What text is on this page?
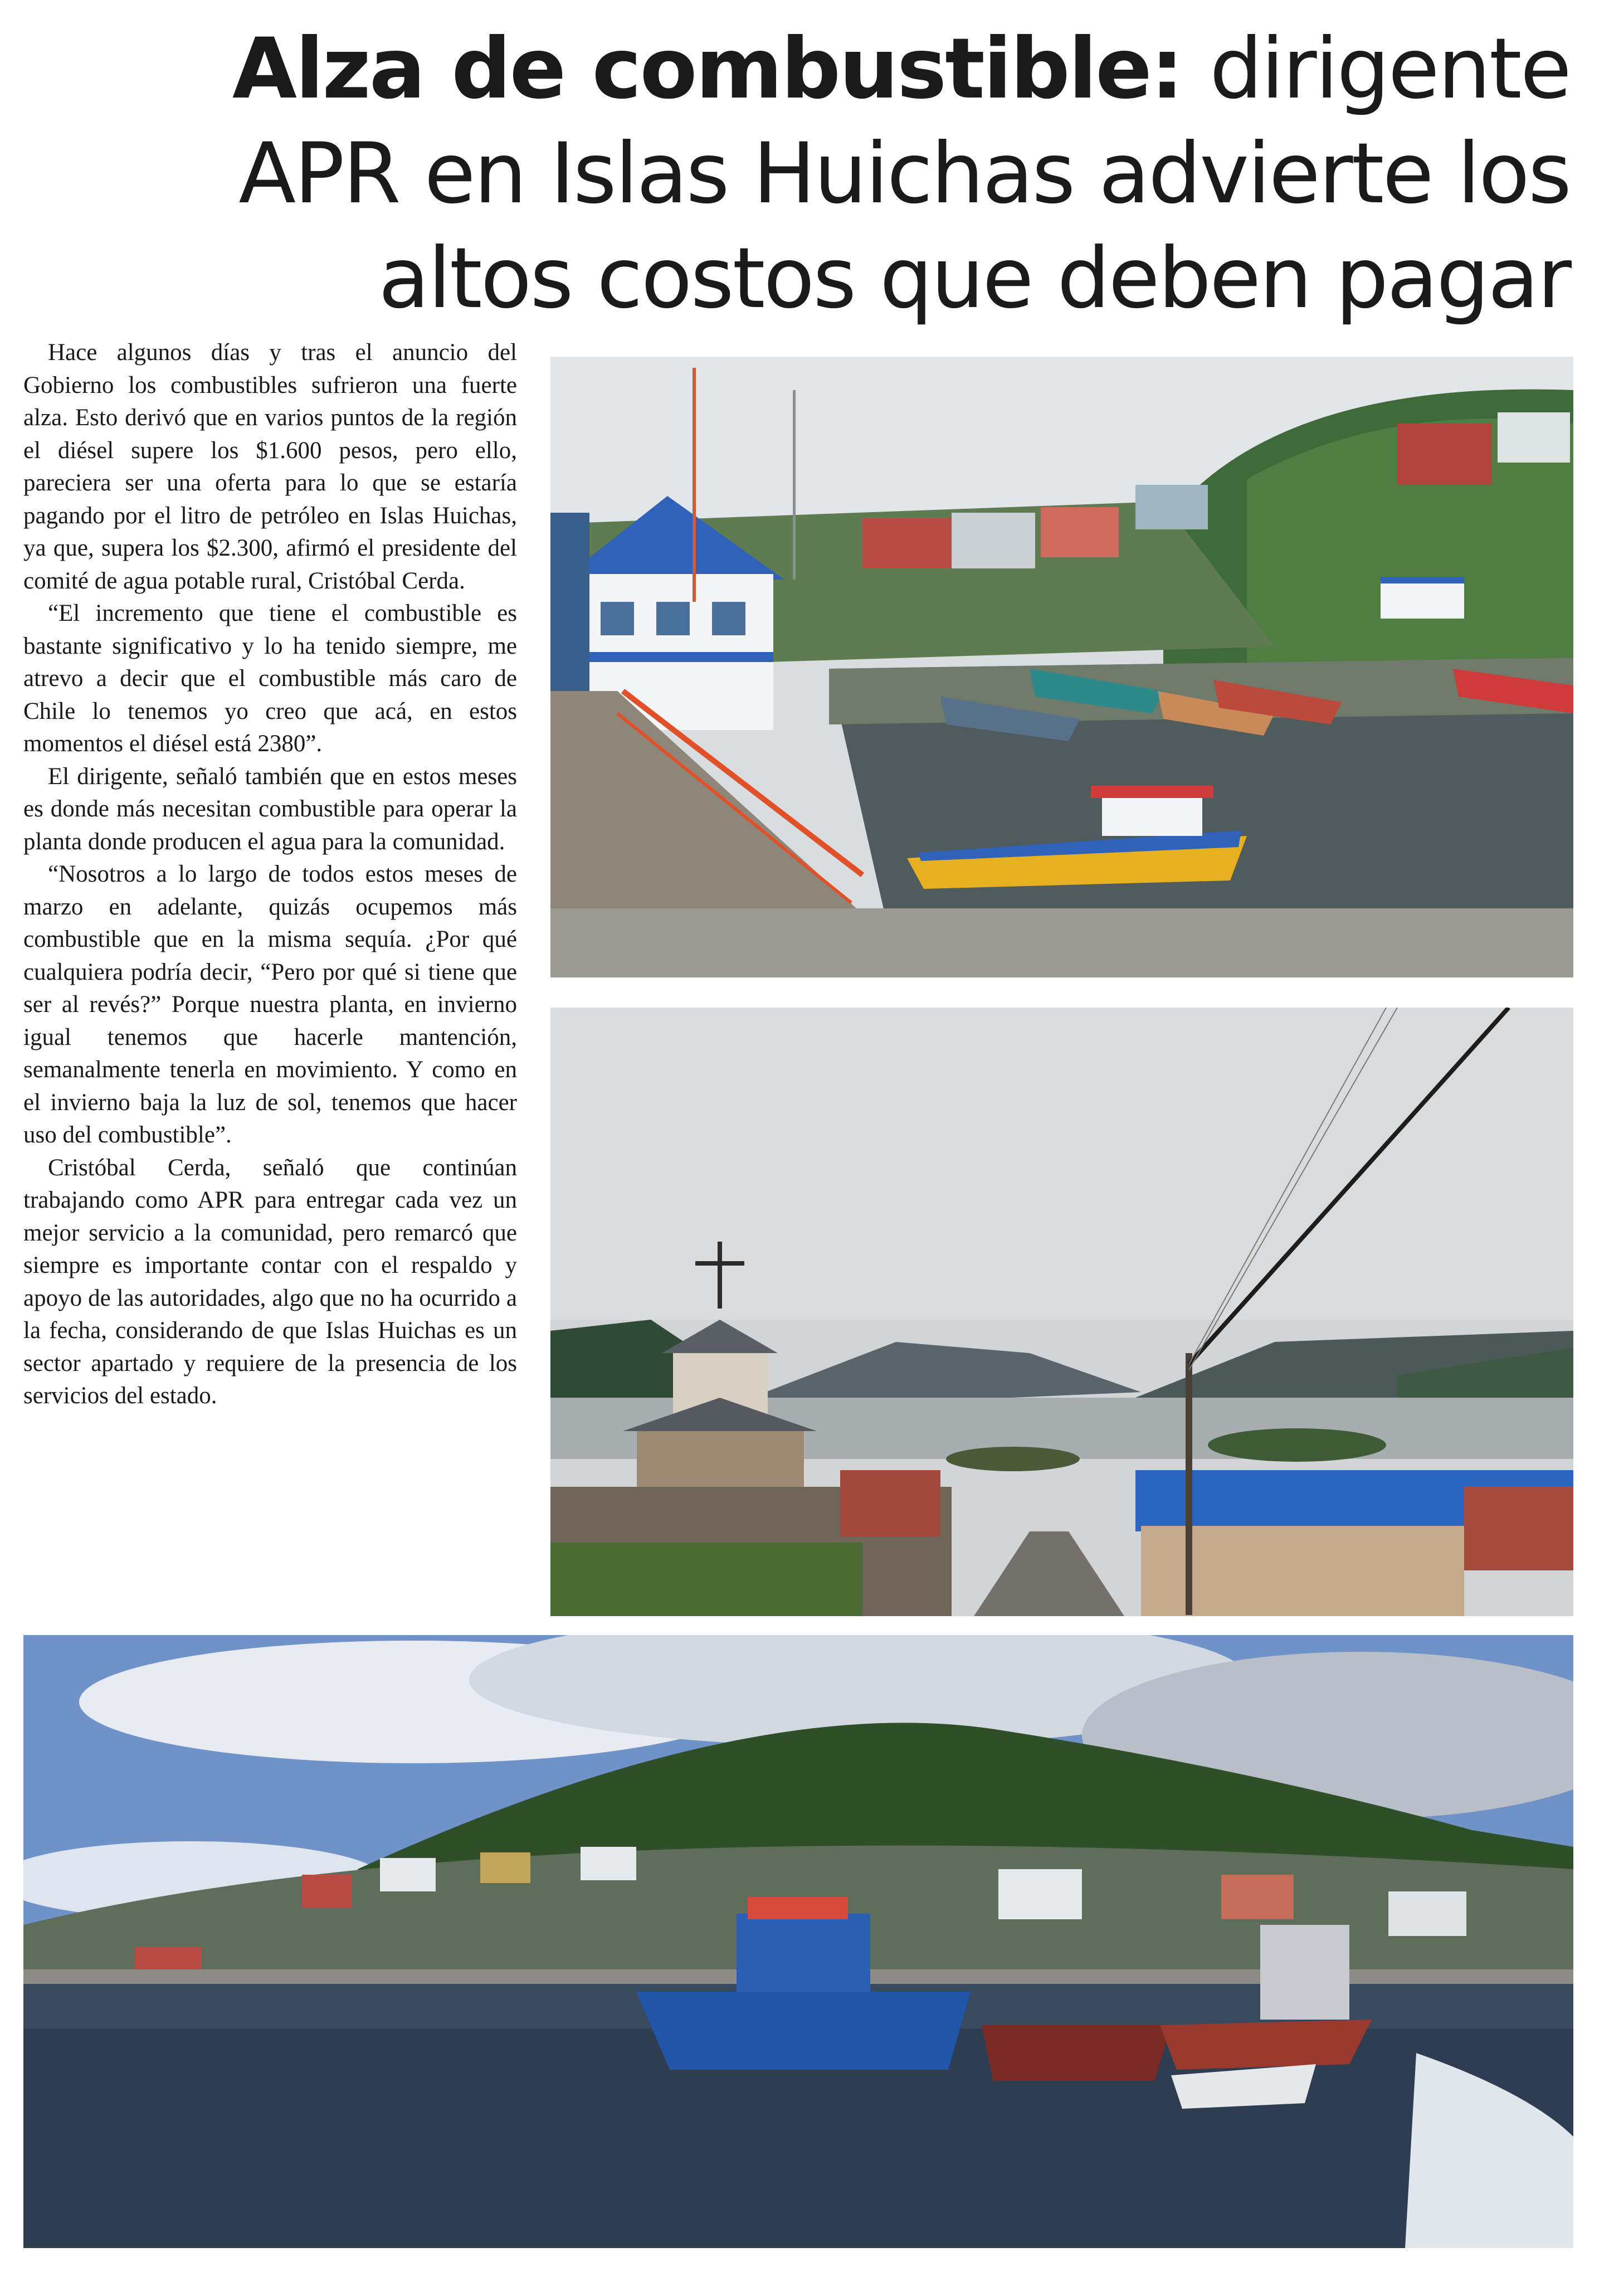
Alza de combustible: dirigente APR en Islas Huichas advierte los altos costos que deben pagar

Hace algunos días y tras el anuncio del Gobierno los combustibles sufrieron una fuerte alza. Esto derivó que en varios puntos de la región el diésel supere los $1.600 pesos, pero ello, pareciera ser una oferta para lo que se estaría pagando por el litro de petróleo en Islas Huichas, ya que, supera los $2.300, afirmó el presidente del comité de agua potable rural, Cristóbal Cerda.

“El incremento que tiene el combustible es bastante significativo y lo ha tenido siempre, me atrevo a decir que el combustible más caro de Chile lo tenemos yo creo que acá, en estos momentos el diésel está 2380”.

El dirigente, señaló también que en estos meses es donde más necesitan combustible para operar la planta donde producen el agua para la comunidad.

“Nosotros a lo largo de todos estos meses de marzo en adelante, quizás ocupemos más combustible que en la misma sequía. ¿Por qué cualquiera podría decir, “Pero por qué si tiene que ser al revés?” Porque nuestra planta, en invierno igual tenemos que hacerle mantención, semanalmente tenerla en movimiento. Y como en el invierno baja la luz de sol, tenemos que hacer uso del combustible”.

Cristóbal Cerda, señaló que continúan trabajando como APR para entregar cada vez un mejor servicio a la comunidad, pero remarcó que siempre es importante contar con el respaldo y apoyo de las autoridades, algo que no ha ocurrido a la fecha, considerando de que Islas Huichas es un sector apartado y requiere de la presencia de los servicios del estado.
